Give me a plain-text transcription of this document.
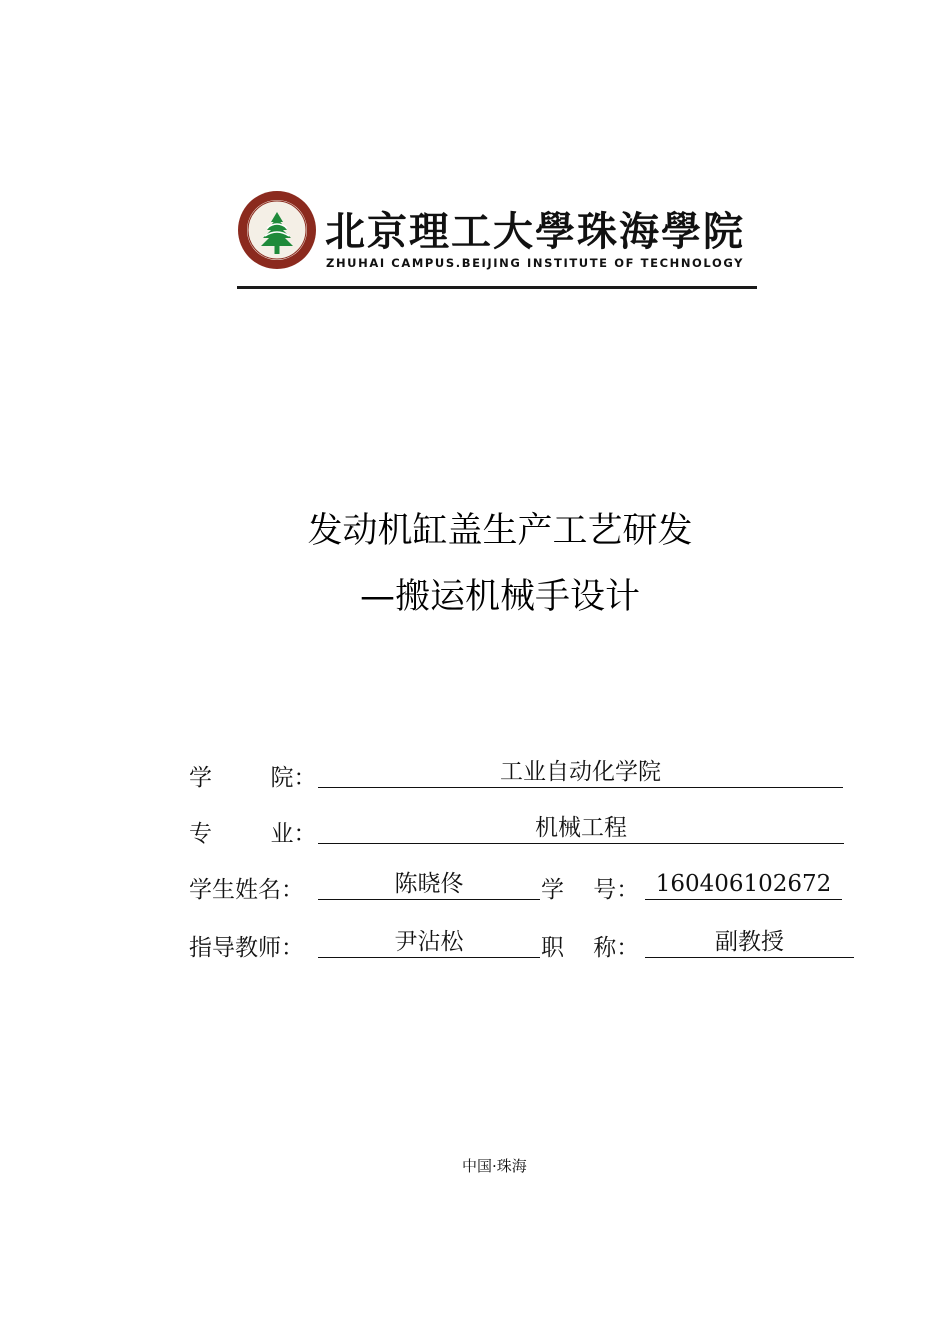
北京理工大學珠海學院
ZHUHAI CAMPUS.BEIJING INSTITUTE OF TECHNOLOGY
发动机缸盖生产工艺研发
—搬运机械手设计
学        院：	工业自动化学院
专        业：	机械工程
学生姓名：	陈晓佟	学    号： 160406102672
指导教师：	尹沾松	职    称：	副教授
中国·珠海
